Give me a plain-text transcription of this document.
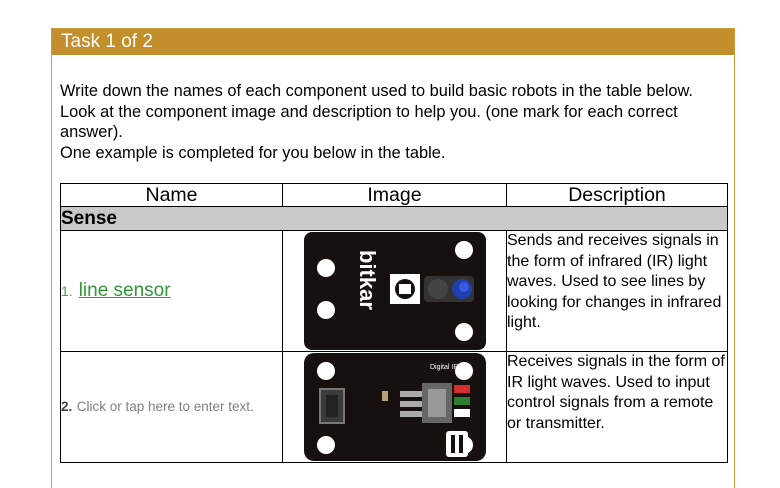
Task 1 of 2

Write down the names of each component used to build basic robots in the table below. Look at the component image and description to help you. (one mark for each correct answer).

One example is completed for you below in the table.

Name	Image	Description
Sense		
1. line sensor	bitkar	Sends and receives signals in the form of infrared (IR) light waves. Used to see lines by looking for changes in infrared light.
2. Click or tap here to enter text.	Digital IR V1	Receives signals in the form of IR light waves. Used to input control signals from a remote or transmitter.
